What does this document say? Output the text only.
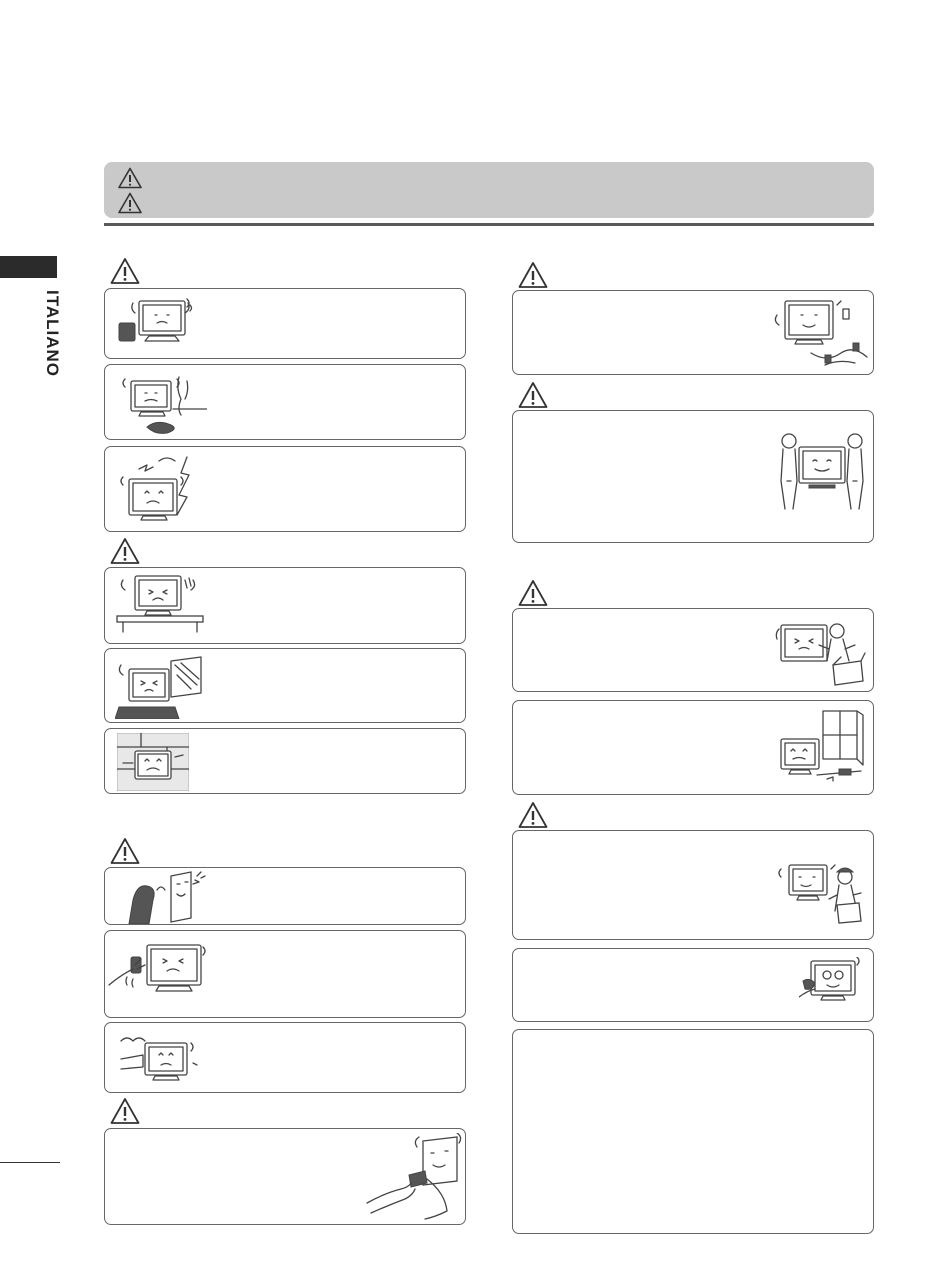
ITALIANO
